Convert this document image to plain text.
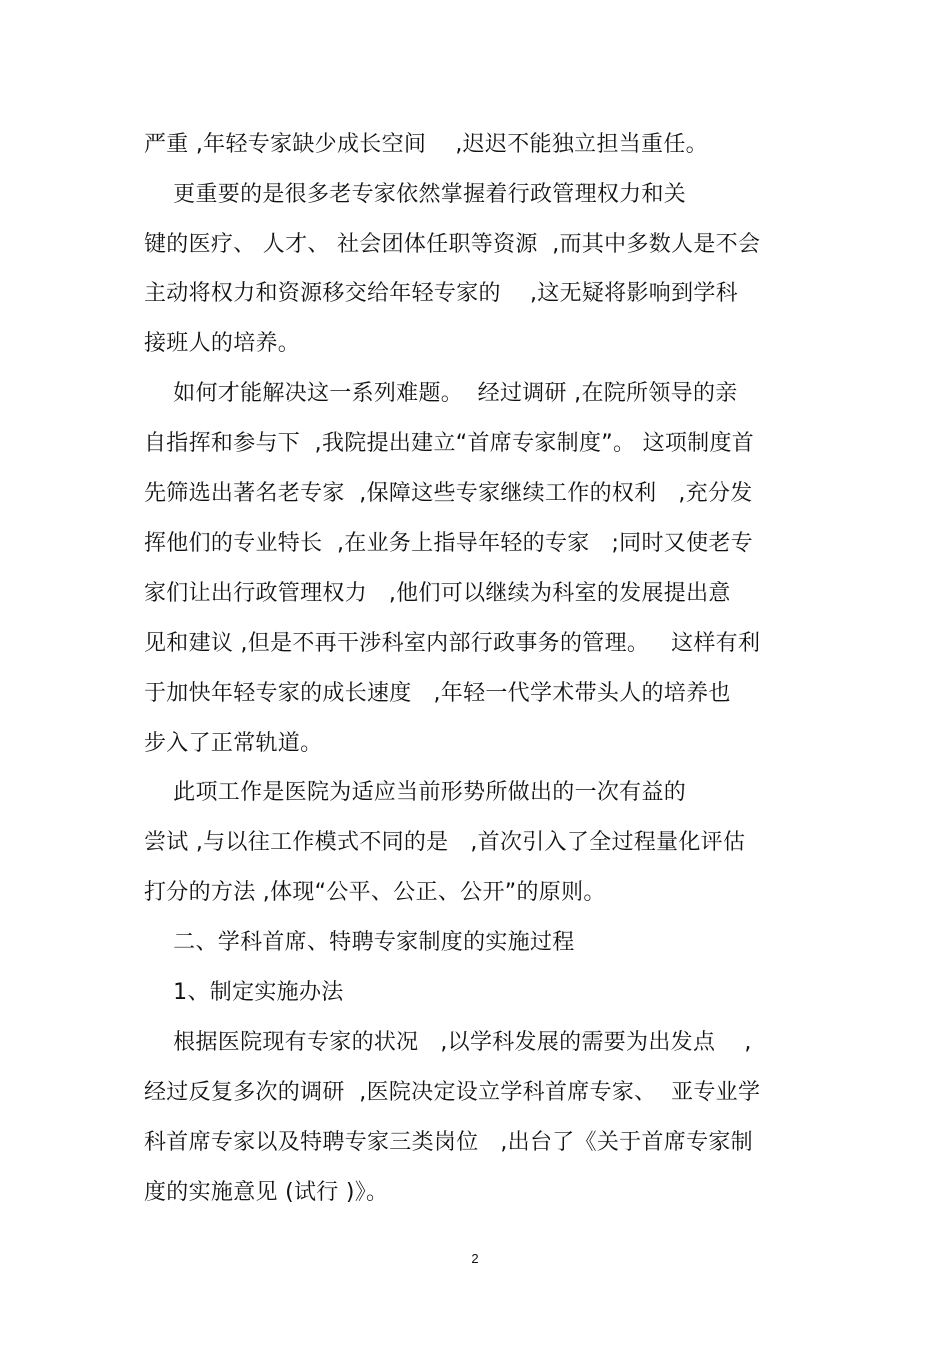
严重 ,年轻专家缺少成长空间    ,迟迟不能独立担当重任。
更重要的是很多老专家依然掌握着行政管理权力和关
键的医疗、 人才、 社会团体任职等资源  ,而其中多数人是不会
主动将权力和资源移交给年轻专家的    ,这无疑将影响到学科
接班人的培养。
如何才能解决这一系列难题。  经过调研 ,在院所领导的亲
自指挥和参与下  ,我院提出建立“首席专家制度”。 这项制度首
先筛选出著名老专家  ,保障这些专家继续工作的权利   ,充分发
挥他们的专业特长  ,在业务上指导年轻的专家   ;同时又使老专
家们让出行政管理权力   ,他们可以继续为科室的发展提出意
见和建议 ,但是不再干涉科室内部行政事务的管理。   这样有利
于加快年轻专家的成长速度   ,年轻一代学术带头人的培养也
步入了正常轨道。
此项工作是医院为适应当前形势所做出的一次有益的
尝试 ,与以往工作模式不同的是   ,首次引入了全过程量化评估
打分的方法 ,体现“公平、公正、公开”的原则。
二、学科首席、特聘专家制度的实施过程
1、制定实施办法
根据医院现有专家的状况   ,以学科发展的需要为出发点    ,
经过反复多次的调研  ,医院决定设立学科首席专家、  亚专业学
科首席专家以及特聘专家三类岗位   ,出台了《关于首席专家制
度的实施意见 (试行 )》。
2
